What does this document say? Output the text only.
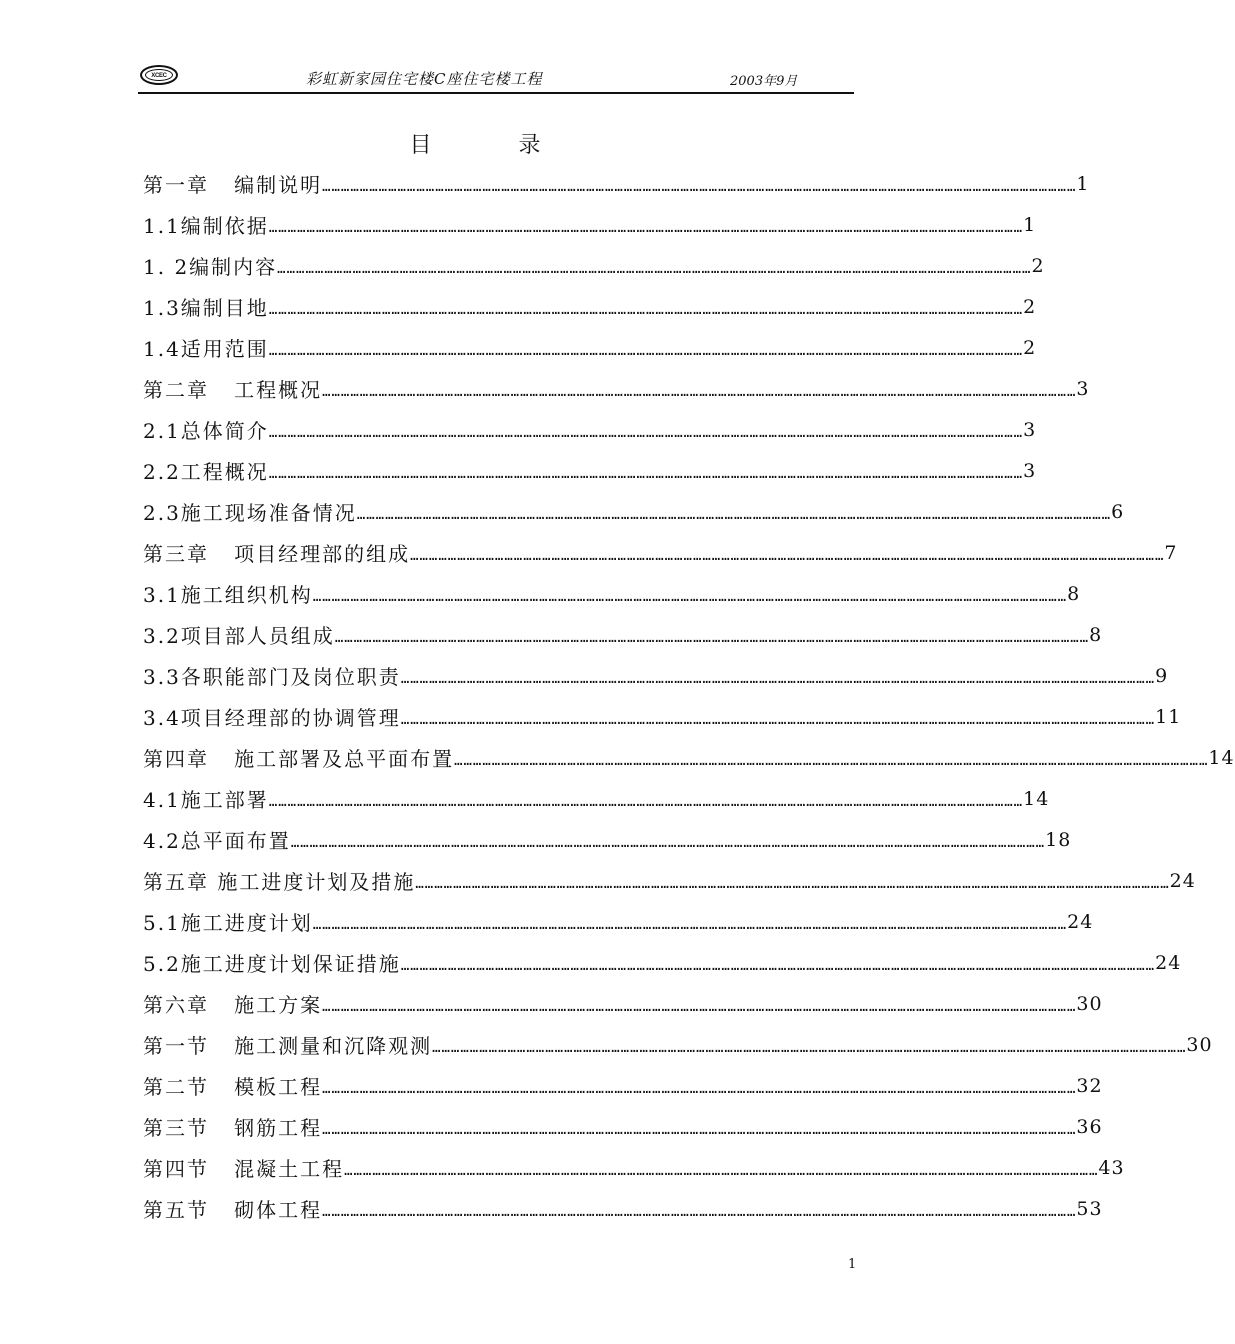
XCEC	彩虹新家园住宅楼C座住宅楼工程	2003年9月
目 录
第一章   编制说明 …………………………………………………………………………………………………………………………………………………………………………………………………………………… 1
1.1编制依据 …………………………………………………………………………………………………………………………………………………………………………………………………………………… 1
1. 2编制内容 …………………………………………………………………………………………………………………………………………………………………………………………………………………… 2
1.3编制目地 …………………………………………………………………………………………………………………………………………………………………………………………………………………… 2
1.4适用范围 …………………………………………………………………………………………………………………………………………………………………………………………………………………… 2
第二章   工程概况 …………………………………………………………………………………………………………………………………………………………………………………………………………………… 3
2.1总体简介 …………………………………………………………………………………………………………………………………………………………………………………………………………………… 3
2.2工程概况 …………………………………………………………………………………………………………………………………………………………………………………………………………………… 3
2.3施工现场准备情况 …………………………………………………………………………………………………………………………………………………………………………………………………………………… 6
第三章   项目经理部的组成 …………………………………………………………………………………………………………………………………………………………………………………………………………………… 7
3.1施工组织机构 …………………………………………………………………………………………………………………………………………………………………………………………………………………… 8
3.2项目部人员组成 …………………………………………………………………………………………………………………………………………………………………………………………………………………… 8
3.3各职能部门及岗位职责 …………………………………………………………………………………………………………………………………………………………………………………………………………………… 9
3.4项目经理部的协调管理 …………………………………………………………………………………………………………………………………………………………………………………………………………………… 11
第四章   施工部署及总平面布置 …………………………………………………………………………………………………………………………………………………………………………………………………………………… 14
4.1施工部署 …………………………………………………………………………………………………………………………………………………………………………………………………………………… 14
4.2总平面布置 …………………………………………………………………………………………………………………………………………………………………………………………………………………… 18
第五章 施工进度计划及措施 …………………………………………………………………………………………………………………………………………………………………………………………………………………… 24
5.1施工进度计划 …………………………………………………………………………………………………………………………………………………………………………………………………………………… 24
5.2施工进度计划保证措施 …………………………………………………………………………………………………………………………………………………………………………………………………………………… 24
第六章   施工方案 …………………………………………………………………………………………………………………………………………………………………………………………………………………… 30
第一节   施工测量和沉降观测 …………………………………………………………………………………………………………………………………………………………………………………………………………………… 30
第二节   模板工程 …………………………………………………………………………………………………………………………………………………………………………………………………………………… 32
第三节   钢筋工程 …………………………………………………………………………………………………………………………………………………………………………………………………………………… 36
第四节   混凝土工程 …………………………………………………………………………………………………………………………………………………………………………………………………………………… 43
第五节   砌体工程 …………………………………………………………………………………………………………………………………………………………………………………………………………………… 53
1
